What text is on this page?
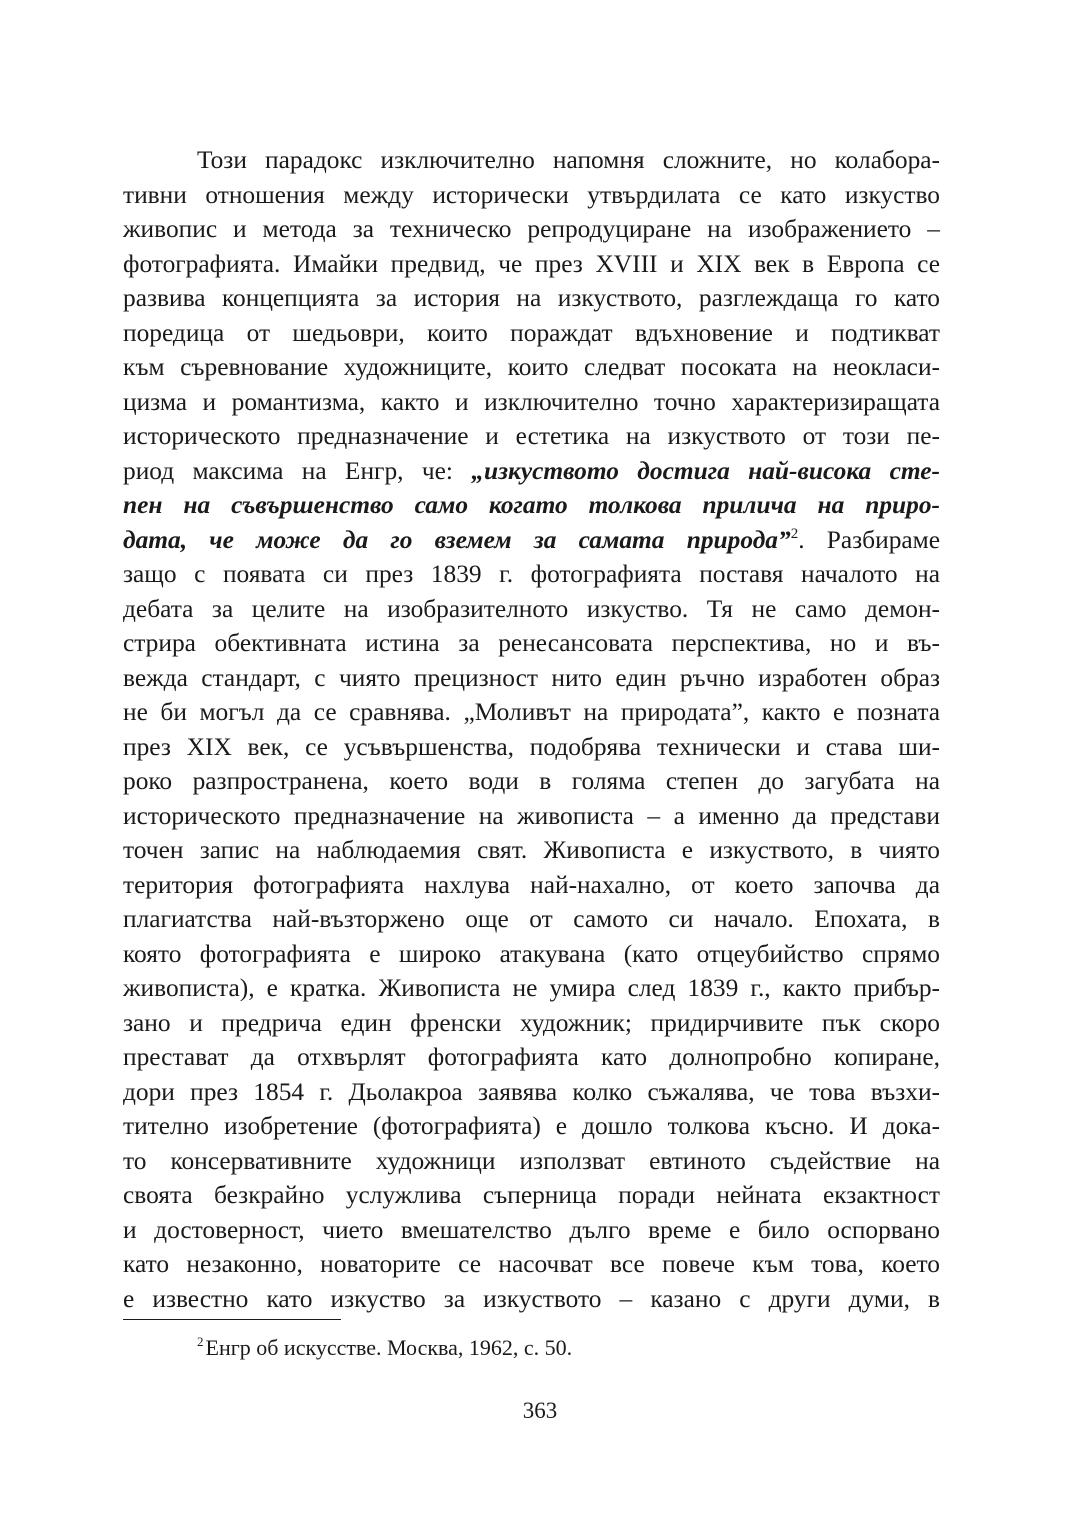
Този парадокс изключително напомня сложните, но колабора-
тивни отношения между исторически утвърдилата се като изкуство
живопис и метода за техническо репродуциране на изображението –
фотографията. Имайки предвид, че през XVIII и XIX век в Европа се
развива концепцията за история на изкуството, разглеждаща го като
поредица от шедьоври, които пораждат вдъхновение и подтикват
към съревнование художниците, които следват посоката на неокласи-
цизма и романтизма, както и изключително точно характеризиращата
историческото предназначение и естетика на изкуството от този пе-
риод максима на Енгр, че: „изкуството достига най-висока сте-
пен на съвършенство само когато толкова прилича на приро-
дата, че може да го вземем за самата природа”$^2$. Разбираме
защо с появата си през 1839 г. фотографията поставя началото на
дебата за целите на изобразителното изкуство. Тя не само демон-
стрира обективната истина за ренесансовата перспектива, но и въ-
вежда стандарт, с чиято прецизност нито един ръчно изработен образ
не би могъл да се сравнява. „Моливът на природата”, както е позната
през XIX век, се усъвършенства, подобрява технически и става ши-
роко разпространена, което води в голяма степен до загубата на
историческото предназначение на живописта – а именно да представи
точен запис на наблюдаемия свят. Живописта е изкуството, в чиято
територия фотографията нахлува най-нахално, от което започва да
плагиатства най-възторжено още от самото си начало. Епохата, в
която фотографията е широко атакувана (като отцеубийство спрямо
живописта), е кратка. Живописта не умира след 1839 г., както прибър-
зано и предрича един френски художник; придирчивите пък скоро
престават да отхвърлят фотографията като долнопробно копиране,
дори през 1854 г. Дьолакроа заявява колко съжалява, че това възхи-
тително изобретение (фотографията) е дошло толкова късно. И дока-
то консервативните художници използват евтиното съдействие на
своята безкрайно услужлива съперница поради нейната екзактност
и достоверност, чието вмешателство дълго време е било оспорвано
като незаконно, новаторите се насочват все повече към това, което
е известно като изкуство за изкуството – казано с други думи, в
$^2$Енгр об искусстве. Москва, 1962, с. 50.
363
